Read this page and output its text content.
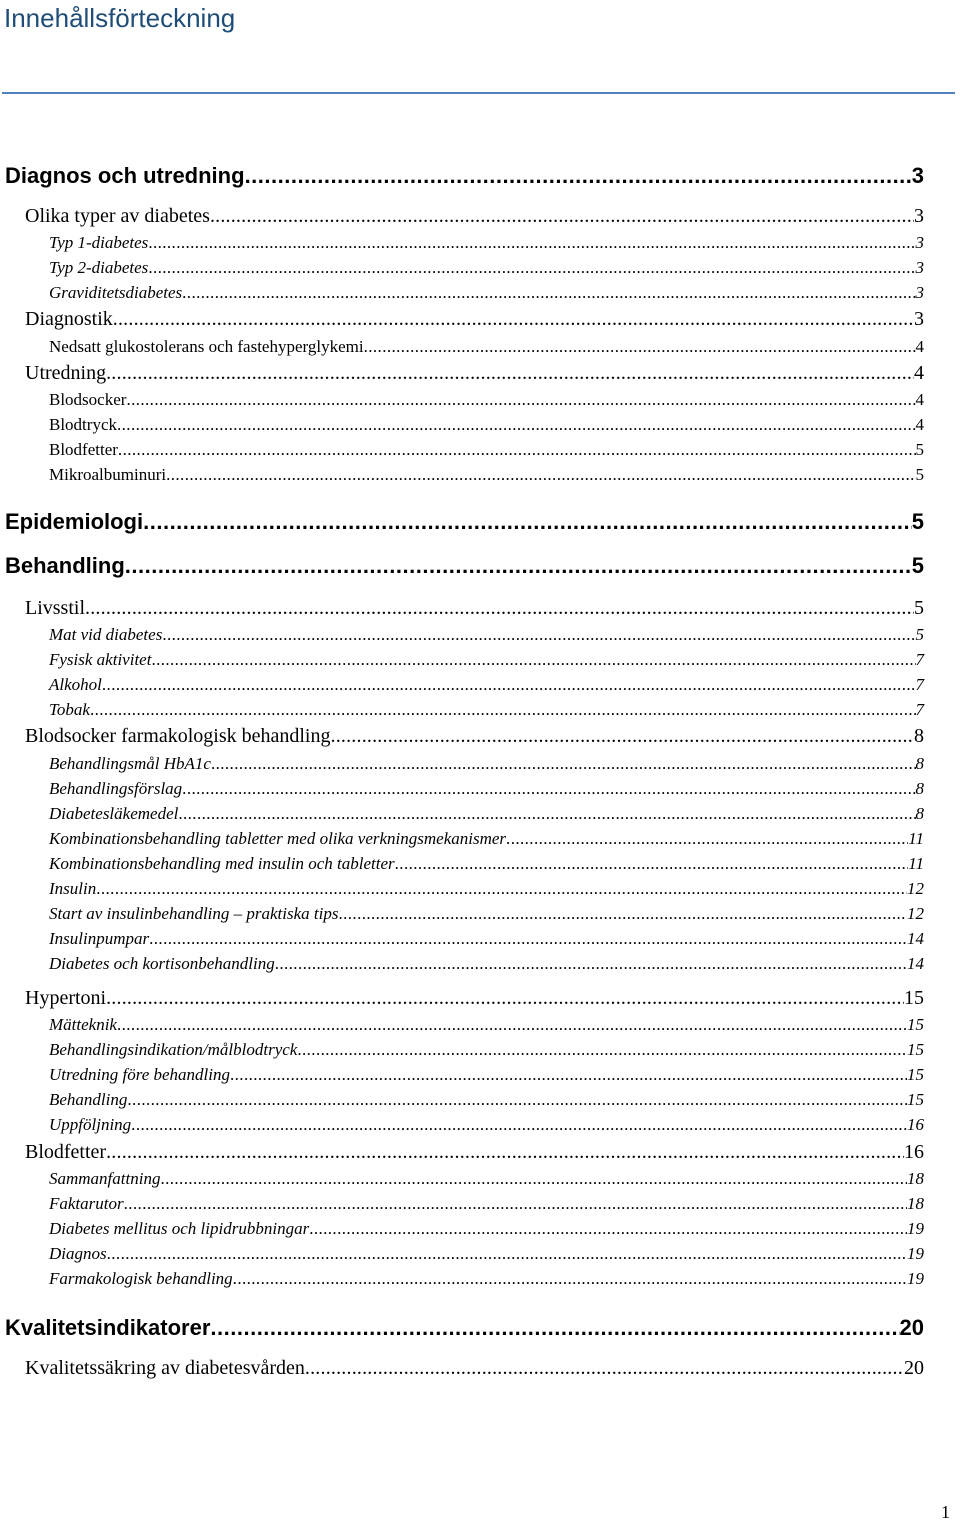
Innehållsförteckning
Diagnos och utredning .....	3
Olika typer av diabetes .....	3
Typ 1-diabetes .....	3
Typ 2-diabetes .....	3
Graviditetsdiabetes .....	3
Diagnostik .....	3
Nedsatt glukostolerans och fastehyperglykemi .....	4
Utredning .....	4
Blodsocker .....	4
Blodtryck .....	4
Blodfetter .....	5
Mikroalbuminuri .....	5
Epidemiologi .....	5
Behandling .....	5
Livsstil .....	5
Mat vid diabetes .....	5
Fysisk aktivitet .....	7
Alkohol .....	7
Tobak .....	7
Blodsocker farmakologisk behandling .....	8
Behandlingsmål HbA1c .....	8
Behandlingsförslag .....	8
Diabetesläkemedel .....	8
Kombinationsbehandling tabletter med olika verkningsmekanismer .....	11
Kombinationsbehandling med insulin och tabletter .....	11
Insulin .....	12
Start av insulinbehandling – praktiska tips .....	12
Insulinpumpar .....	14
Diabetes och kortisonbehandling .....	14
Hypertoni .....	15
Mätteknik .....	15
Behandlingsindikation/målblodtryck .....	15
Utredning före behandling .....	15
Behandling .....	15
Uppföljning .....	16
Blodfetter .....	16
Sammanfattning .....	18
Faktarutor .....	18
Diabetes mellitus och lipidrubbningar .....	19
Diagnos .....	19
Farmakologisk behandling .....	19
Kvalitetsindikatorer .....	20
Kvalitetssäkring av diabetesvården .....	20
1
